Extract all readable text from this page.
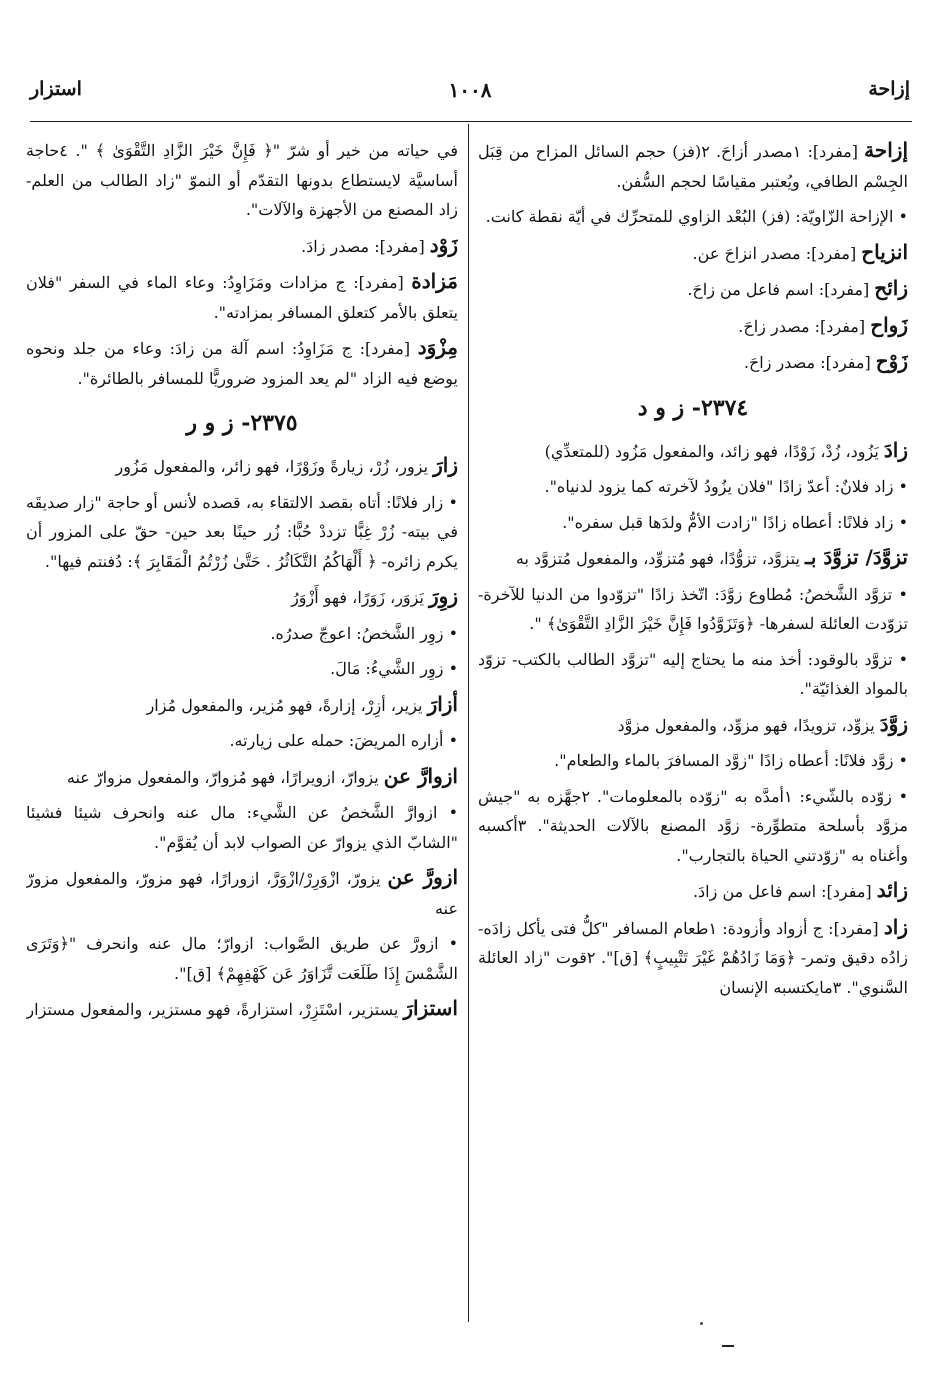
إزاحة
١٠٠٨
استزار
إزاحة [مفرد]: ١مصدر أزاحَ. ٢(فز) حجم السائل المزاح من قِبَل الجِسْم الطافي، ويُعتبر مقياسًا لحجم السُّفن.
• الإزاحة الزّاويّة: (فز) البُعْد الزاوي للمتحرِّك في أيّة نقطة كانت.
انزياح [مفرد]: مصدر انزاحَ عن.
زائح [مفرد]: اسم فاعل من زاحَ.
زَواح [مفرد]: مصدر زاحَ.
زَوْح [مفرد]: مصدر زاحَ.
٢٣٧٤- ز و د
زادَ يَزُود، زُدْ، زَوْدًا، فهو زائد، والمفعول مَزُود (للمتعدِّي)
• زاد فلانٌ: أعدّ زادًا "فلان يزُودُ لآخرته كما يزود لدنياه".
• زاد فلانًا: أعطاه زادًا "زادت الأمُّ ولدَها قبل سفره".
تزوَّدَ/ تزوَّدَ بـ يتزوَّد، تزوُّدًا، فهو مُتزوِّد، والمفعول مُتزوَّد به
• تزوَّد الشَّخصُ: مُطاوع زوَّدَ: اتّخذ زادًا "تزوّدوا من الدنيا للآخرة- تزوّدت العائلة لسفرها- ﴿وَتَزَوَّدُوا فَإِنَّ خَيْرَ الزَّادِ التَّقْوَىٰ﴾ ".
• تزوَّد بالوقود: أخذ منه ما يحتاج إليه "تزوَّد الطالب بالكتب- تزوّد بالمواد الغذائيّة".
زوَّدَ يزوِّد، تزويدًا، فهو مزوِّد، والمفعول مزوَّد
• زوَّد فلانًا: أعطاه زادًا "زوَّد المسافرَ بالماء والطعام".
• زوّده بالشّيء: ١أمدَّه به "زوّده بالمعلومات". ٢جهَّزه به "جيش مزوَّد بأسلحة متطوِّرة- زوَّد المصنع بالآلات الحديثة". ٣أكسبه وأغناه به "زوّدتني الحياة بالتجارب".
زائد [مفرد]: اسم فاعل من زادَ.
زاد [مفرد]: ج أزواد وأزودة: ١طعام المسافر "كلُّ فتى يأكل زادَه- زادُه دقيق وتمر- ﴿وَمَا زَادُهُمْ غَيْرَ تَتْبِيبٍ﴾ [ق]". ٢قوت "زاد العائلة السَّنوي". ٣مايكتسبه الإنسان
في حياته من خير أو شرّ "﴿ فَإِنَّ خَيْرَ الزَّادِ التَّقْوَىٰ ﴾ ". ٤حاجة أساسيَّة لايستطاع بدونها التقدّم أو النموّ "زاد الطالب من العلم- زاد المصنع من الأجهزة والآلات".
زَوْد [مفرد]: مصدر زادَ.
مَزادة [مفرد]: ج مزادات ومَزَاوِدُ: وعاء الماء في السفر "فلان يتعلق بالأمر كتعلق المسافر بمزادته".
مِزْوَد [مفرد]: ج مَزَاوِدُ: اسم آلة من زادَ: وعاء من جلد ونحوه يوضع فيه الزاد "لم يعد المزود ضروريًّا للمسافر بالطائرة".
٢٣٧٥- ز و ر
زارَ يزور، زُرْ، زيارةً وزَوْرًا، فهو زائر، والمفعول مَزُور
• زار فلانًا: أتاه بقصد الالتقاء به، قصده لأنس أو حاجة "زار صديقَه في بيته- زُرْ غِبًّا تزددْ حُبًّا: زُر حينًا بعد حين- حقّ على المزور أن يكرم زائره- ﴿ أَلْهَاكُمُ التَّكَاثُرُ . حَتَّىٰ زُرْتُمُ الْمَقَابِرَ ﴾: دُفنتم فيها".
زوِرَ يَزوَر، زَوَرًا، فهو أَزْوَرُ
• زوِر الشَّخصُ: اعوجّ صدرُه.
• زوِر الشَّيءُ: مَالَ.
أزارَ يزير، أزِرْ، إزارةً، فهو مُزير، والمفعول مُزار
• أزاره المريضَ: حمله على زيارته.
ازوارَّ عن يزوارّ، ازويرارًا، فهو مُزوارّ، والمفعول مزوارّ عنه
• ازوارَّ الشَّخصُ عن الشَّيء: مال عنه وانحرف شيئا فشيئا "الشابّ الذي يزوارّ عن الصواب لابد أن يُقوَّم".
ازورَّ عن يزورّ، ازْوَرِرْ/ازْوَرَّ، ازورارًا، فهو مزورّ، والمفعول مزورّ عنه
• ازورَّ عن طريق الصَّواب: ازوارّ؛ مال عنه وانحرف "﴿وَتَرَى الشَّمْسَ إِذَا طَلَعَت تَّزَاوَرُ عَن كَهْفِهِمْ﴾ [ق]".
استزارَ يستزير، اسْتَزِرْ، استزارةً، فهو مستزير، والمفعول مستزار
